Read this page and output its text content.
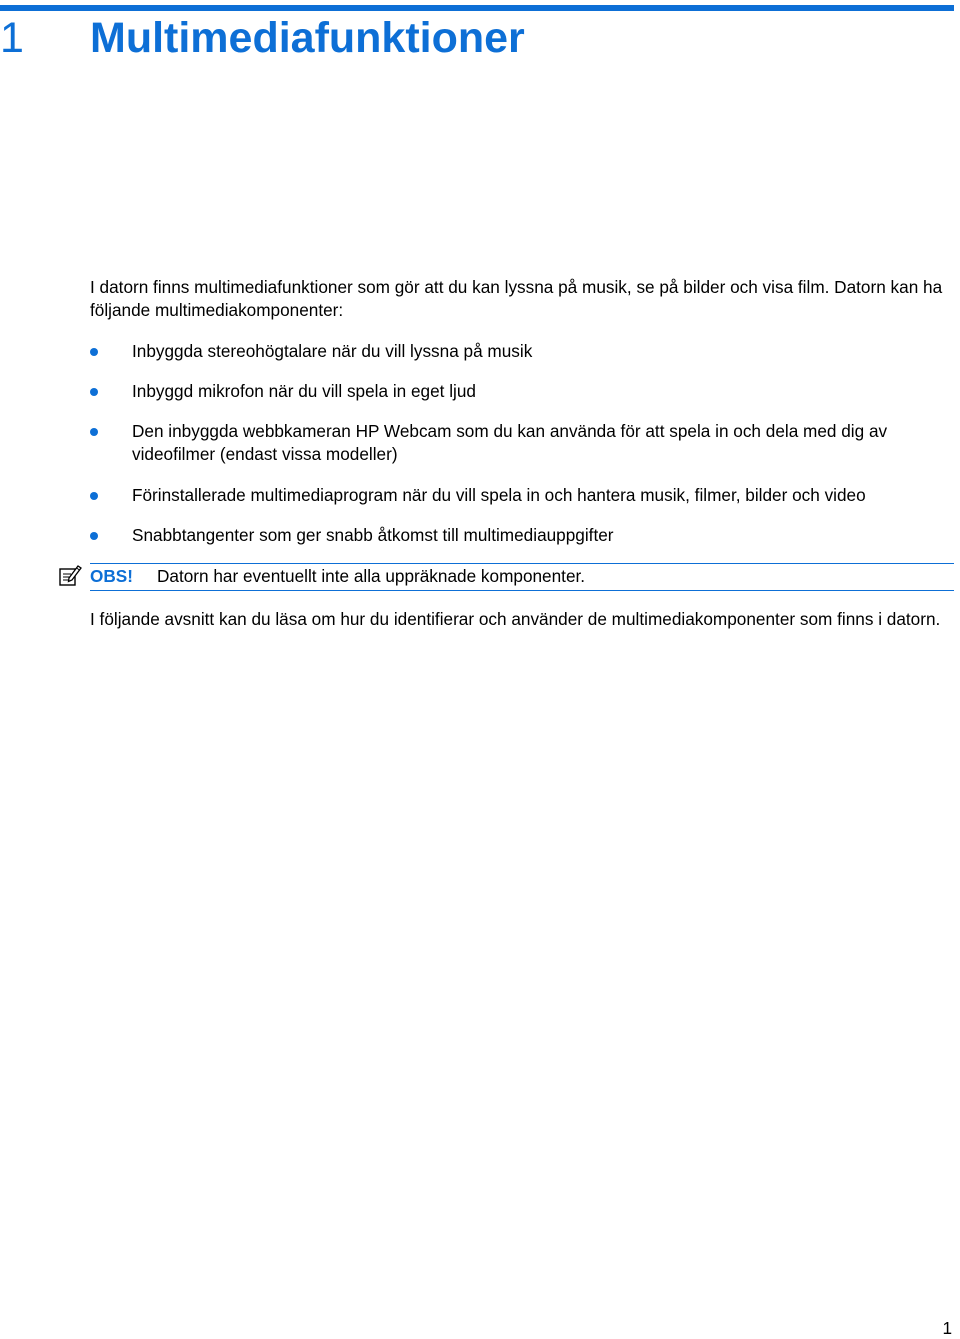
1	Multimediafunktioner

I datorn finns multimediafunktioner som gör att du kan lyssna på musik, se på bilder och visa film. Datorn kan ha följande multimediakomponenter:

Inbyggda stereohögtalare när du vill lyssna på musik
Inbyggd mikrofon när du vill spela in eget ljud
Den inbyggda webbkameran HP Webcam som du kan använda för att spela in och dela med dig av videofilmer (endast vissa modeller)
Förinstallerade multimediaprogram när du vill spela in och hantera musik, filmer, bilder och video
Snabbtangenter som ger snabb åtkomst till multimediauppgifter
OBS! Datorn har eventuellt inte alla uppräknade komponenter.

I följande avsnitt kan du läsa om hur du identifierar och använder de multimediakomponenter som finns i datorn.

1
